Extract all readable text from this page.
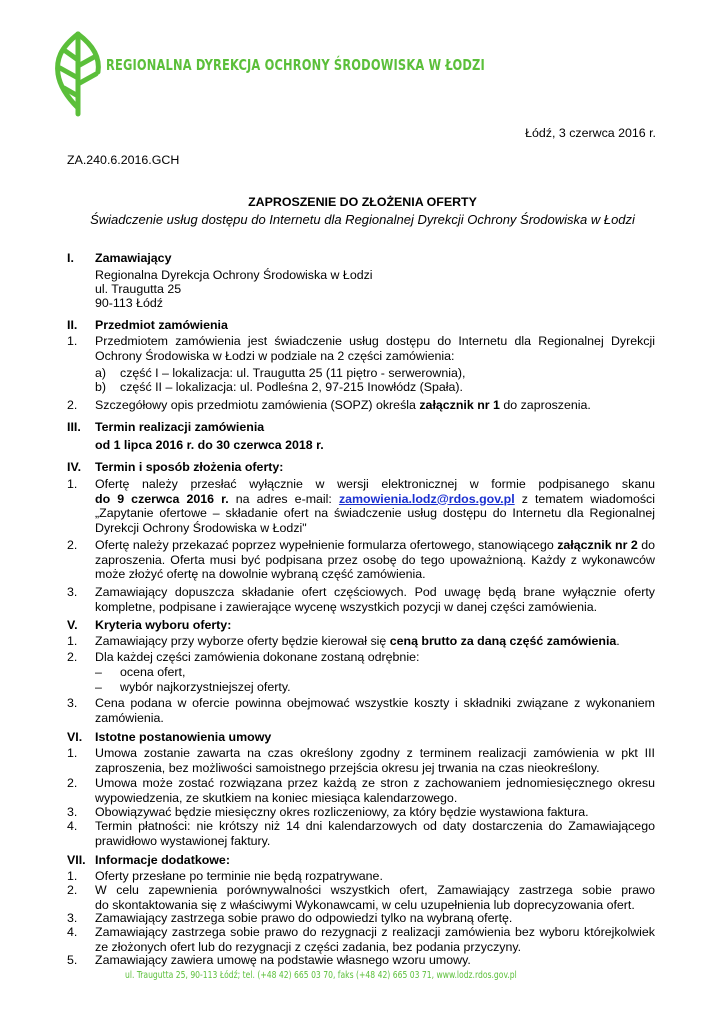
REGIONALNA DYREKCJA OCHRONY ŚRODOWISKA W ŁODZI
Łódź, 3 czerwca 2016 r.
ZA.240.6.2016.GCH
ZAPROSZENIE DO ZŁOŻENIA OFERTY
Świadczenie usług dostępu do Internetu dla Regionalnej Dyrekcji Ochrony Środowiska w Łodzi
I. Zamawiający
Regionalna Dyrekcja Ochrony Środowiska w Łodzi
ul. Traugutta 25
90-113 Łódź
II. Przedmiot zamówienia
1. Przedmiotem zamówienia jest świadczenie usług dostępu do Internetu dla Regionalnej Dyrekcji
Ochrony Środowiska w Łodzi w podziale na 2 części zamówienia:
a) część I – lokalizacja: ul. Traugutta 25 (11 piętro - serwerownia),
b) część II – lokalizacja: ul. Podleśna 2, 97-215 Inowłódz (Spała).
2. Szczegółowy opis przedmiotu zamówienia (SOPZ) określa załącznik nr 1 do zaproszenia.
III. Termin realizacji zamówienia
od 1 lipca 2016 r. do 30 czerwca 2018 r.
IV. Termin i sposób złożenia oferty:
1. Ofertę należy przesłać wyłącznie w wersji elektronicznej w formie podpisanego skanu
do 9 czerwca 2016 r. na adres e-mail: zamowienia.lodz@rdos.gov.pl z tematem wiadomości
„Zapytanie ofertowe – składanie ofert na świadczenie usług dostępu do Internetu dla Regionalnej
Dyrekcji Ochrony Środowiska w Łodzi"
2. Ofertę należy przekazać poprzez wypełnienie formularza ofertowego, stanowiącego załącznik nr 2 do
zaproszenia. Oferta musi być podpisana przez osobę do tego upoważnioną. Każdy z wykonawców
może złożyć ofertę na dowolnie wybraną część zamówienia.
3. Zamawiający dopuszcza składanie ofert częściowych. Pod uwagę będą brane wyłącznie oferty
kompletne, podpisane i zawierające wycenę wszystkich pozycji w danej części zamówienia.
V. Kryteria wyboru oferty:
1. Zamawiający przy wyborze oferty będzie kierował się ceną brutto za daną część zamówienia.
2. Dla każdej części zamówienia dokonane zostaną odrębnie:
– ocena ofert,
– wybór najkorzystniejszej oferty.
3. Cena podana w ofercie powinna obejmować wszystkie koszty i składniki związane z wykonaniem
zamówienia.
VI. Istotne postanowienia umowy
1. Umowa zostanie zawarta na czas określony zgodny z terminem realizacji zamówienia w pkt III
zaproszenia, bez możliwości samoistnego przejścia okresu jej trwania na czas nieokreślony.
2. Umowa może zostać rozwiązana przez każdą ze stron z zachowaniem jednomiesięcznego okresu
wypowiedzenia, ze skutkiem na koniec miesiąca kalendarzowego.
3. Obowiązywać będzie miesięczny okres rozliczeniowy, za który będzie wystawiona faktura.
4. Termin płatności: nie krótszy niż 14 dni kalendarzowych od daty dostarczenia do Zamawiającego
prawidłowo wystawionej faktury.
VII. Informacje dodatkowe:
1. Oferty przesłane po terminie nie będą rozpatrywane.
2. W celu zapewnienia porównywalności wszystkich ofert, Zamawiający zastrzega sobie prawo
do skontaktowania się z właściwymi Wykonawcami, w celu uzupełnienia lub doprecyzowania ofert.
3. Zamawiający zastrzega sobie prawo do odpowiedzi tylko na wybraną ofertę.
4. Zamawiający zastrzega sobie prawo do rezygnacji z realizacji zamówienia bez wyboru którejkolwiek
ze złożonych ofert lub do rezygnacji z części zadania, bez podania przyczyny.
5. Zamawiający zawiera umowę na podstawie własnego wzoru umowy.
ul. Traugutta 25, 90-113 Łódź; tel. (+48 42) 665 03 70, faks (+48 42) 665 03 71, www.lodz.rdos.gov.pl
